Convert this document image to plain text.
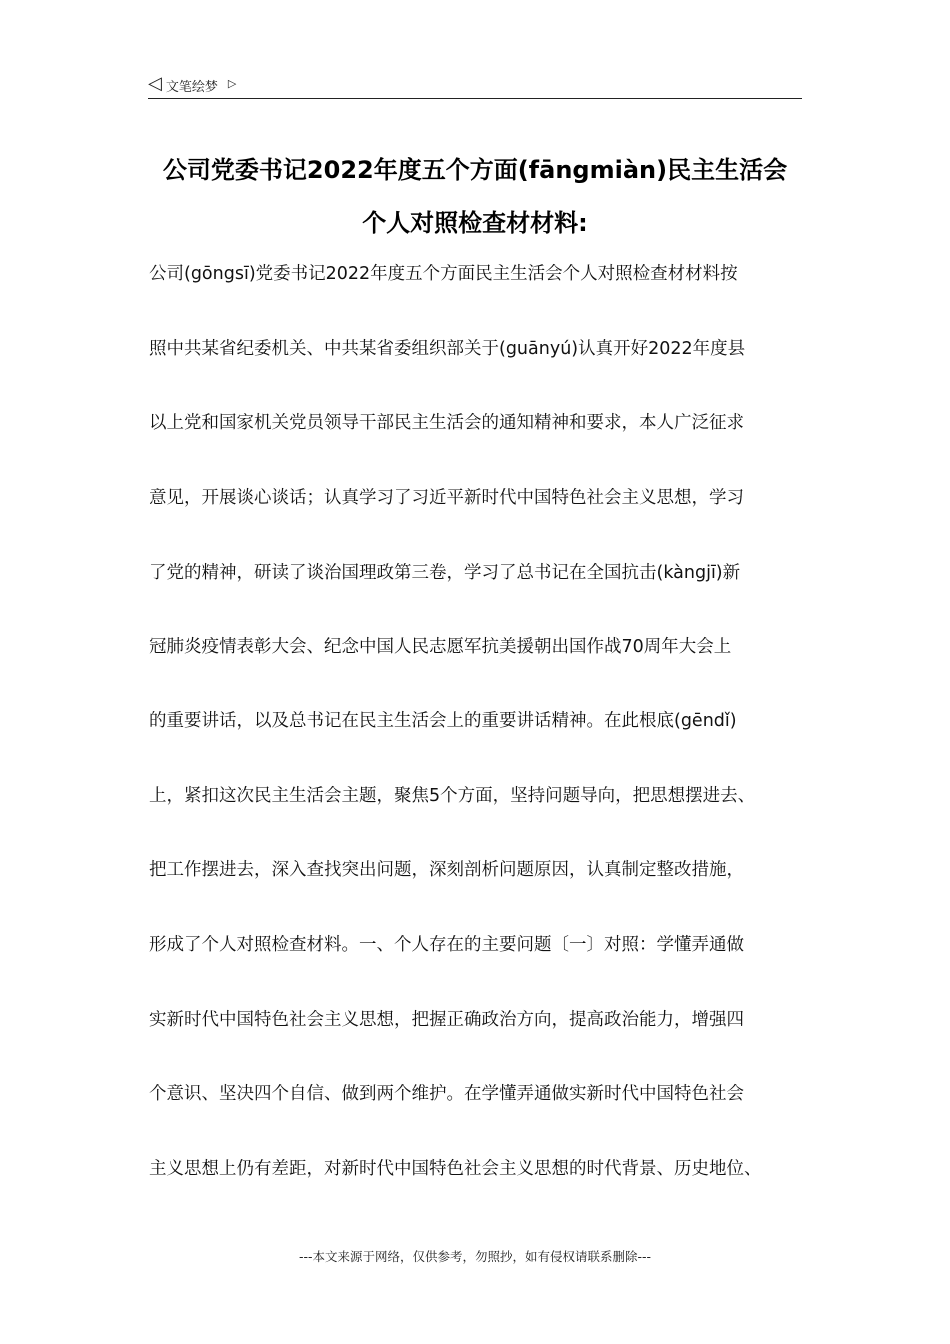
◁ 文笔绘梦 ▷
公司党委书记2022年度五个方面(fāngmiàn)民主生活会
个人对照检查材材料:
公司(gōngsī)党委书记2022年度五个方面民主生活会个人对照检查材材料按
照中共某省纪委机关、中共某省委组织部关于(guānyú)认真开好2022年度县
以上党和国家机关党员领导干部民主生活会的通知精神和要求，本人广泛征求
意见，开展谈心谈话；认真学习了习近平新时代中国特色社会主义思想，学习
了党的精神，研读了谈治国理政第三卷，学习了总书记在全国抗击(kàngjī)新
冠肺炎疫情表彰大会、纪念中国人民志愿军抗美援朝出国作战70周年大会上
的重要讲话，以及总书记在民主生活会上的重要讲话精神。在此根底(gēndǐ)
上，紧扣这次民主生活会主题，聚焦5个方面，坚持问题导向，把思想摆进去、
把工作摆进去，深入查找突出问题，深刻剖析问题原因，认真制定整改措施，
形成了个人对照检查材料。一、个人存在的主要问题〔一〕对照：学懂弄通做
实新时代中国特色社会主义思想，把握正确政治方向，提高政治能力，增强四
个意识、坚决四个自信、做到两个维护。在学懂弄通做实新时代中国特色社会
主义思想上仍有差距，对新时代中国特色社会主义思想的时代背景、历史地位、
---本文来源于网络，仅供参考，勿照抄，如有侵权请联系删除---
